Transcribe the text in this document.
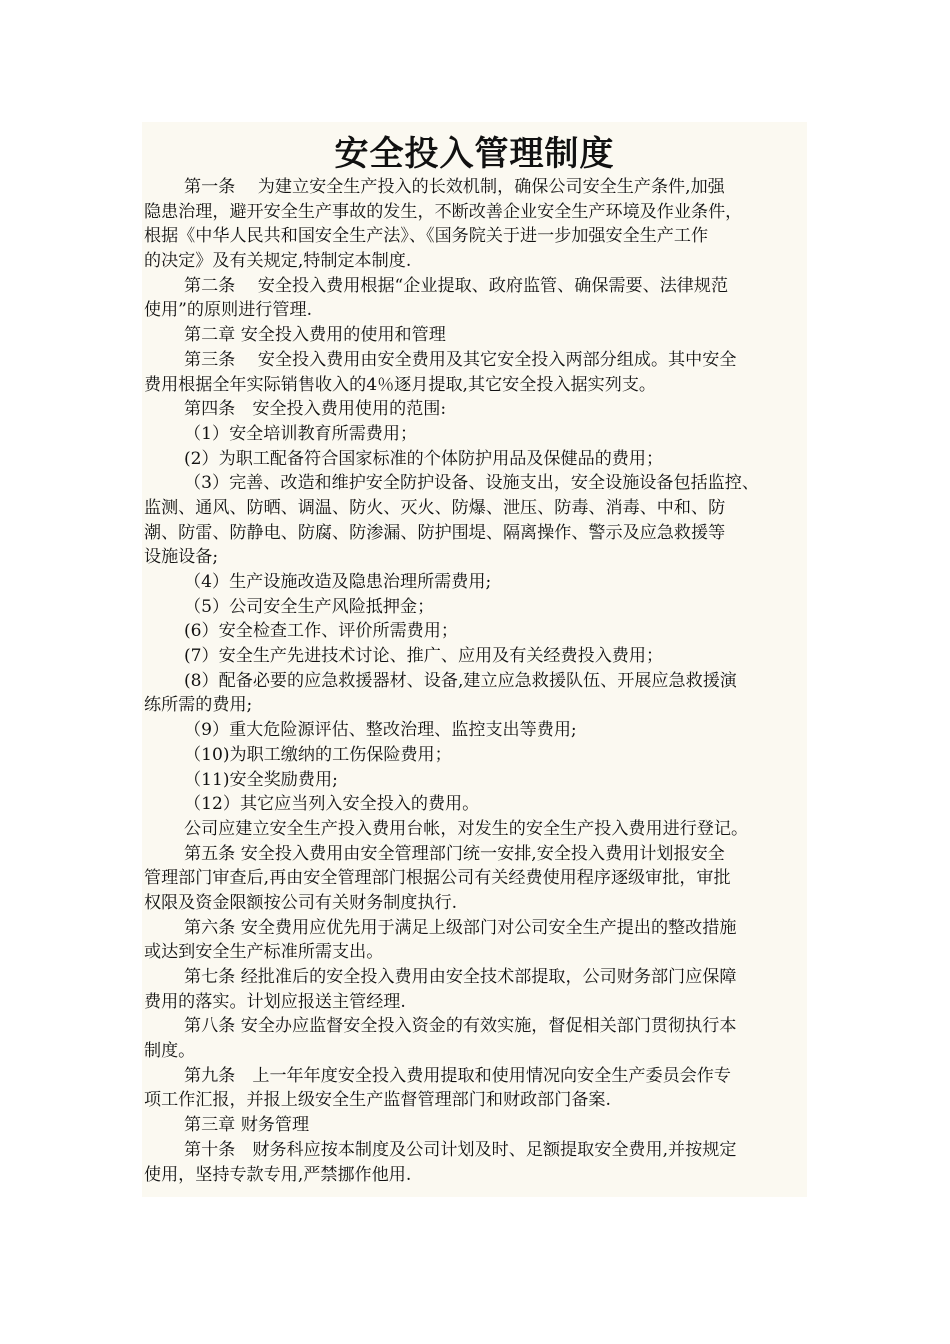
安全投入管理制度
第一条　 为建立安全生产投入的长效机制，确保公司安全生产条件,加强
隐患治理，避开安全生产事故的发生，不断改善企业安全生产环境及作业条件，
根据《中华人民共和国安全生产法》、《国务院关于进一步加强安全生产工作
的决定》及有关规定,特制定本制度.
第二条　 安全投入费用根据“企业提取、政府监管、确保需要、法律规范
使用”的原则进行管理.
第二章 安全投入费用的使用和管理
第三条　 安全投入费用由安全费用及其它安全投入两部分组成。其中安全
费用根据全年实际销售收入的4％逐月提取,其它安全投入据实列支。
第四条　安全投入费用使用的范围:
（1）安全培训教育所需费用；
(2）为职工配备符合国家标准的个体防护用品及保健品的费用；
（3）完善、改造和维护安全防护设备、设施支出，安全设施设备包括监控、
监测、通风、防晒、调温、防火、灭火、防爆、泄压、防毒、消毒、中和、防
潮、防雷、防静电、防腐、防渗漏、防护围堤、隔离操作、警示及应急救援等
设施设备;
（4）生产设施改造及隐患治理所需费用;
（5）公司安全生产风险抵押金；
(6）安全检查工作、评价所需费用；
(7）安全生产先进技术讨论、推广、应用及有关经费投入费用；
(8）配备必要的应急救援器材、设备,建立应急救援队伍、开展应急救援演
练所需的费用;
（9）重大危险源评估、整改治理、监控支出等费用;
（10)为职工缴纳的工伤保险费用；
（11)安全奖励费用;
（12）其它应当列入安全投入的费用。
公司应建立安全生产投入费用台帐，对发生的安全生产投入费用进行登记。
第五条 安全投入费用由安全管理部门统一安排,安全投入费用计划报安全
管理部门审查后,再由安全管理部门根据公司有关经费使用程序逐级审批，审批
权限及资金限额按公司有关财务制度执行.
第六条 安全费用应优先用于满足上级部门对公司安全生产提出的整改措施
或达到安全生产标准所需支出。
第七条 经批准后的安全投入费用由安全技术部提取，公司财务部门应保障
费用的落实。计划应报送主管经理.
第八条 安全办应监督安全投入资金的有效实施，督促相关部门贯彻执行本
制度。
第九条　上一年年度安全投入费用提取和使用情况向安全生产委员会作专
项工作汇报，并报上级安全生产监督管理部门和财政部门备案.
第三章 财务管理
第十条　财务科应按本制度及公司计划及时、足额提取安全费用,并按规定
使用，坚持专款专用,严禁挪作他用.
